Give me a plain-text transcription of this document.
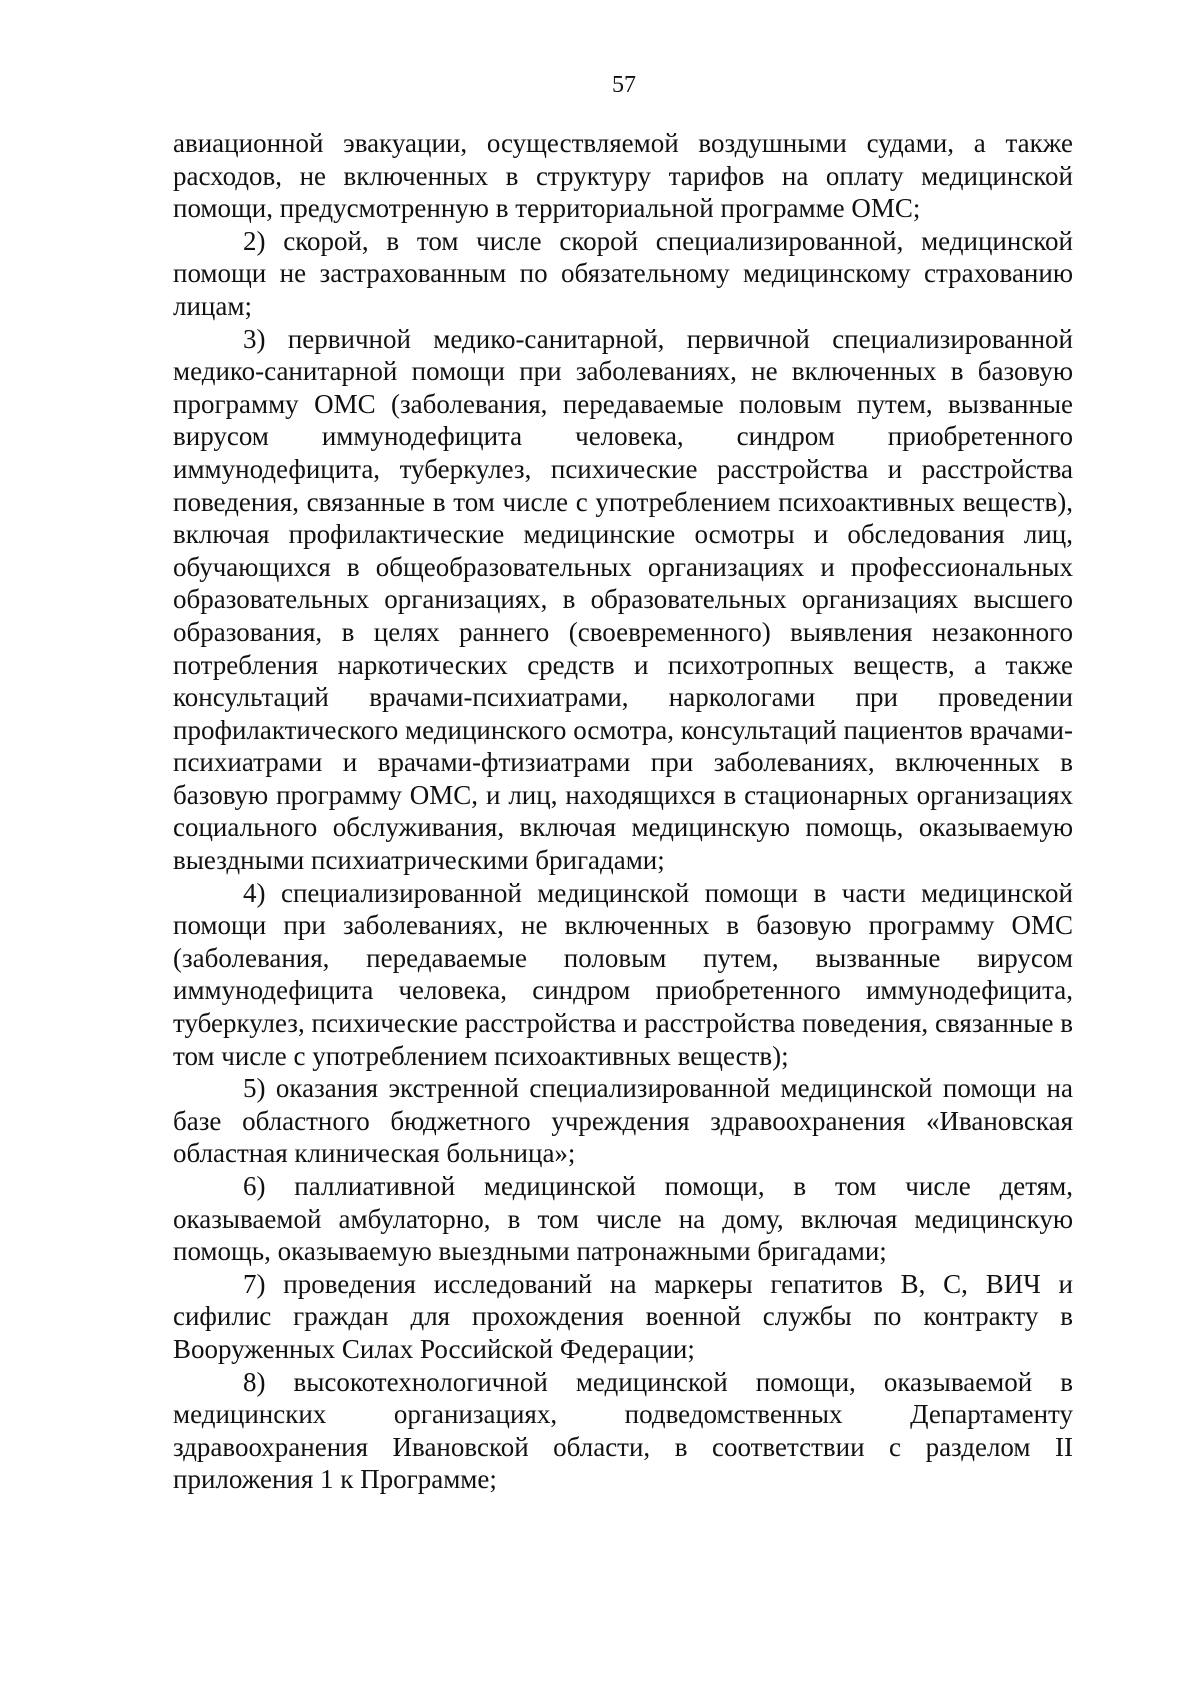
57

авиационной эвакуации, осуществляемой воздушными судами, а также расходов, не включенных в структуру тарифов на оплату медицинской помощи, предусмотренную в территориальной программе ОМС;

2) скорой, в том числе скорой специализированной, медицинской помощи не застрахованным по обязательному медицинскому страхованию лицам;

3) первичной медико-санитарной, первичной специализированной медико-санитарной помощи при заболеваниях, не включенных в базовую программу ОМС (заболевания, передаваемые половым путем, вызванные вирусом иммунодефицита человека, синдром приобретенного иммунодефицита, туберкулез, психические расстройства и расстройства поведения, связанные в том числе с употреблением психоактивных веществ), включая профилактические медицинские осмотры и обследования лиц, обучающихся в общеобразовательных организациях и профессиональных образовательных организациях, в образовательных организациях высшего образования, в целях раннего (своевременного) выявления незаконного потребления наркотических средств и психотропных веществ, а также консультаций врачами-психиатрами, наркологами при проведении профилактического медицинского осмотра, консультаций пациентов врачами-психиатрами и врачами-фтизиатрами при заболеваниях, включенных в базовую программу ОМС, и лиц, находящихся в стационарных организациях социального обслуживания, включая медицинскую помощь, оказываемую выездными психиатрическими бригадами;

4) специализированной медицинской помощи в части медицинской помощи при заболеваниях, не включенных в базовую программу ОМС (заболевания, передаваемые половым путем, вызванные вирусом иммунодефицита человека, синдром приобретенного иммунодефицита, туберкулез, психические расстройства и расстройства поведения, связанные в том числе с употреблением психоактивных веществ);

5) оказания экстренной специализированной медицинской помощи на базе областного бюджетного учреждения здравоохранения «Ивановская областная клиническая больница»;

6) паллиативной медицинской помощи, в том числе детям, оказываемой амбулаторно, в том числе на дому, включая медицинскую помощь, оказываемую выездными патронажными бригадами;

7) проведения исследований на маркеры гепатитов В, С, ВИЧ и сифилис граждан для прохождения военной службы по контракту в Вооруженных Силах Российской Федерации;

8) высокотехнологичной медицинской помощи, оказываемой в медицинских организациях, подведомственных Департаменту здравоохранения Ивановской области, в соответствии с разделом II приложения 1 к Программе;
